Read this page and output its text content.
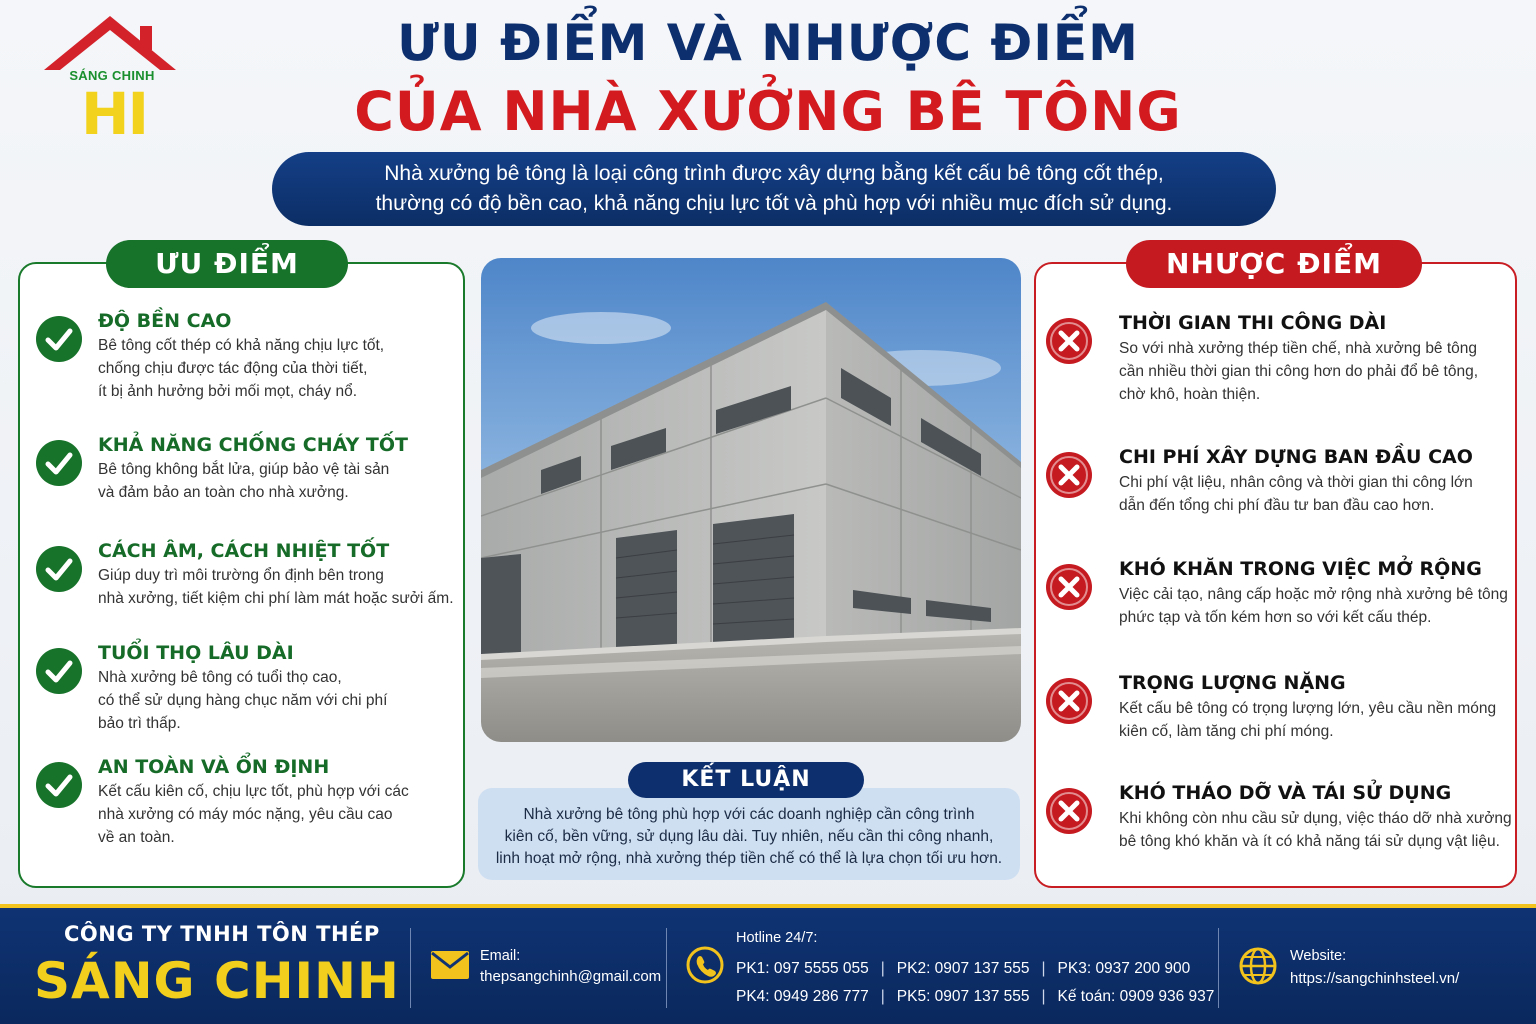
SÁNG CHINH
HI
ƯU ĐIỂM VÀ NHƯỢC ĐIỂM
CỦA NHÀ XƯỞNG BÊ TÔNG
Nhà xưởng bê tông là loại công trình được xây dựng bằng kết cấu bê tông cốt thép,
thường có độ bền cao, khả năng chịu lực tốt và phù hợp với nhiều mục đích sử dụng.
ƯU ĐIỂM
ĐỘ BỀN CAO
Bê tông cốt thép có khả năng chịu lực tốt,
chống chịu được tác động của thời tiết,
ít bị ảnh hưởng bởi mối mọt, cháy nổ.
KHẢ NĂNG CHỐNG CHÁY TỐT
Bê tông không bắt lửa, giúp bảo vệ tài sản
và đảm bảo an toàn cho nhà xưởng.
CÁCH ÂM, CÁCH NHIỆT TỐT
Giúp duy trì môi trường ổn định bên trong
nhà xưởng, tiết kiệm chi phí làm mát hoặc sưởi ấm.
TUỔI THỌ LÂU DÀI
Nhà xưởng bê tông có tuổi thọ cao,
có thể sử dụng hàng chục năm với chi phí
bảo trì thấp.
AN TOÀN VÀ ỔN ĐỊNH
Kết cấu kiên cố, chịu lực tốt, phù hợp với các
nhà xưởng có máy móc nặng, yêu cầu cao
về an toàn.
NHƯỢC ĐIỂM
THỜI GIAN THI CÔNG DÀI
So với nhà xưởng thép tiền chế, nhà xưởng bê tông
cần nhiều thời gian thi công hơn do phải đổ bê tông,
chờ khô, hoàn thiện.
CHI PHÍ XÂY DỰNG BAN ĐẦU CAO
Chi phí vật liệu, nhân công và thời gian thi công lớn
dẫn đến tổng chi phí đầu tư ban đầu cao hơn.
KHÓ KHĂN TRONG VIỆC MỞ RỘNG
Việc cải tạo, nâng cấp hoặc mở rộng nhà xưởng bê tông
phức tạp và tốn kém hơn so với kết cấu thép.
TRỌNG LƯỢNG NẶNG
Kết cấu bê tông có trọng lượng lớn, yêu cầu nền móng
kiên cố, làm tăng chi phí móng.
KHÓ THÁO DỠ VÀ TÁI SỬ DỤNG
Khi không còn nhu cầu sử dụng, việc tháo dỡ nhà xưởng
bê tông khó khăn và ít có khả năng tái sử dụng vật liệu.
Nhà xưởng bê tông phù hợp với các doanh nghiệp cần công trình
kiên cố, bền vững, sử dụng lâu dài. Tuy nhiên, nếu cần thi công nhanh,
linh hoạt mở rộng, nhà xưởng thép tiền chế có thể là lựa chọn tối ưu hơn.
KẾT LUẬN
CÔNG TY TNHH TÔN THÉP
SÁNG CHINH	Email:
thepsangchinh@gmail.com
Hotline 24/7:
PK1: 097 5555 055 | PK2: 0907 137 555 | PK3: 0937 200 900
PK4: 0949 286 777 | PK5: 0907 137 555 | Kế toán: 0909 936 937
Website:
https://sangchinhsteel.vn/
